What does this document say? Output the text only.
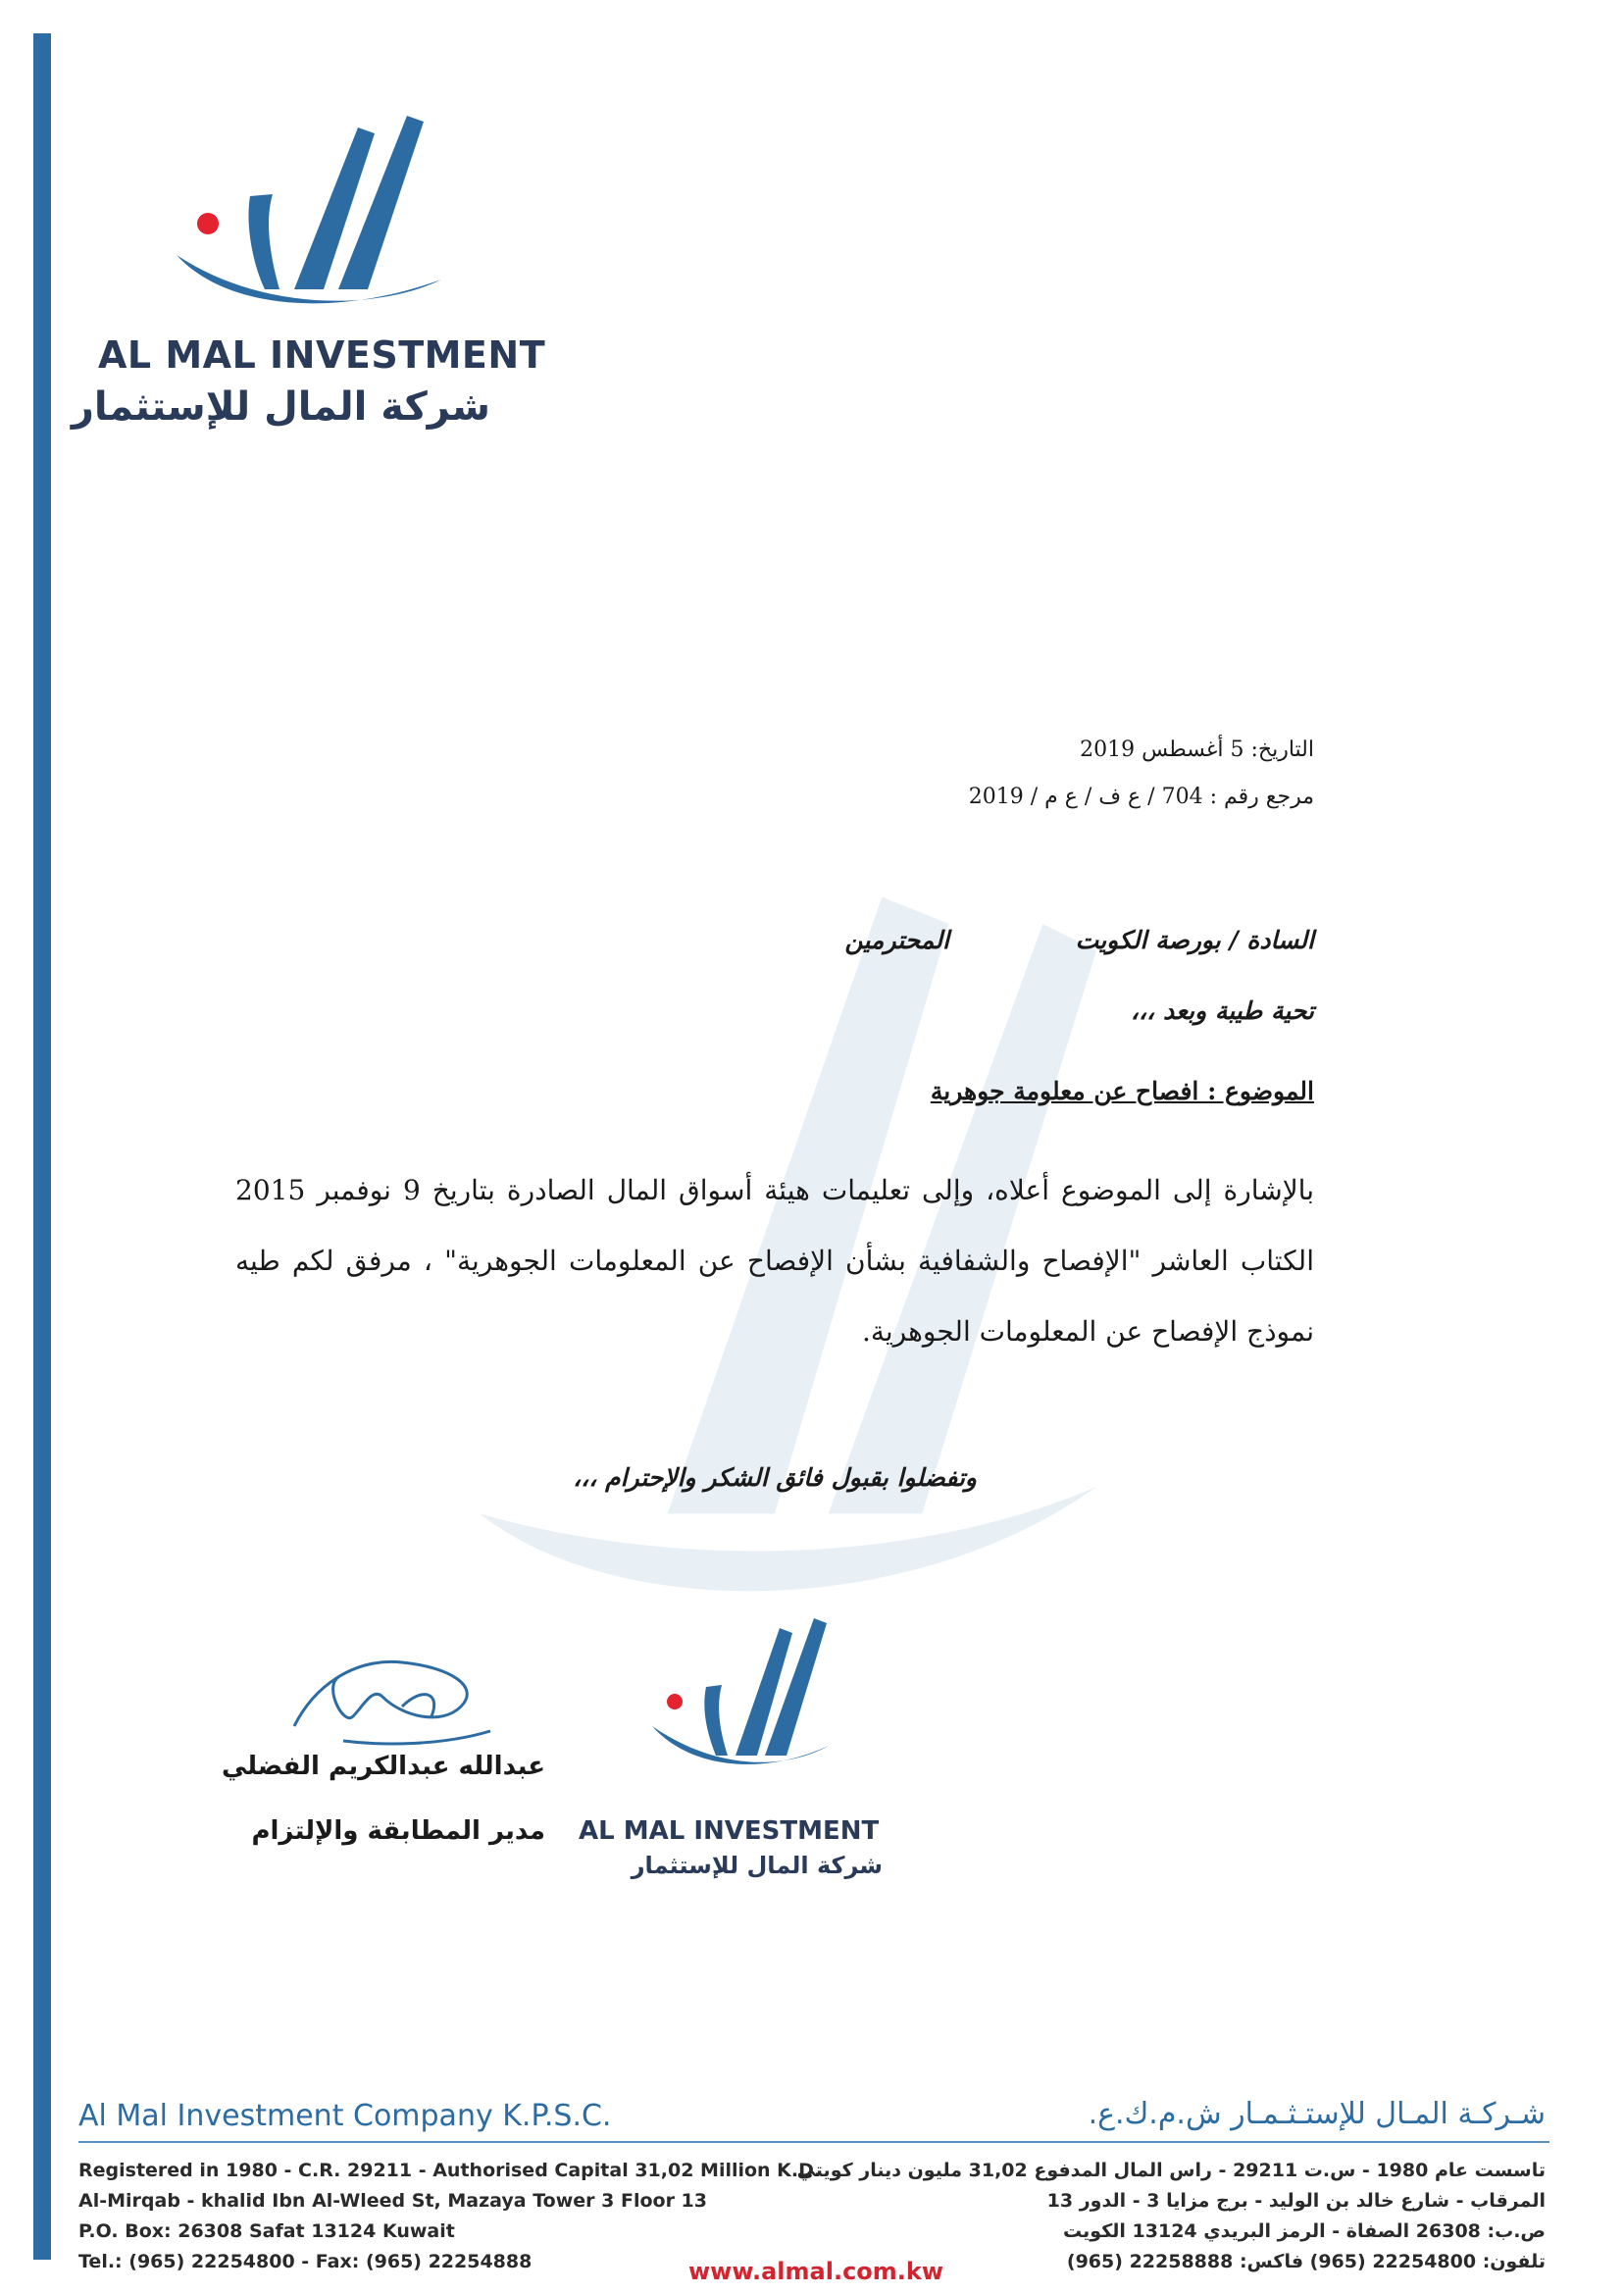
AL MAL INVESTMENT
شركة المال للإستثمار
التاريخ: 5 أغسطس 2019
مرجع رقم : 704 / ع ف / ع م / 2019
السادة / بورصة الكويت المحترمين
تحية طيبة وبعد ،،،
الموضوع : افصاح عن معلومة جوهرية
بالإشارة إلى الموضوع أعلاه، وإلى تعليمات هيئة أسواق المال الصادرة بتاريخ 9 نوفمبر 2015 الكتاب العاشر "الإفصاح والشفافية بشأن الإفصاح عن المعلومات الجوهرية" ، مرفق لكم طيه نموذج الإفصاح عن المعلومات الجوهرية.
وتفضلوا بقبول فائق الشكر والإحترام ،،،
AL MAL INVESTMENT
شركة المال للإستثمار
عبدالله عبدالكريم الفضلي
مدير المطابقة والإلتزام
Al Mal Investment Company K.P.S.C.	شـركـة المـال للإستـثـمـار ش.م.ك.ع.
Registered in 1980 - C.R. 29211 - Authorised Capital 31,02 Million K.D.
Al-Mirqab - khalid Ibn Al-Wleed St, Mazaya Tower 3 Floor 13
P.O. Box: 26308 Safat 13124 Kuwait
Tel.: (965) 22254800 - Fax: (965) 22254888
تاسست عام 1980 - س.ت 29211 - راس المال المدفوع 31,02 مليون دينار كويتي
المرقاب - شارع خالد بن الوليد - برج مزايا 3 - الدور 13
ص.ب: 26308 الصفاة - الرمز البريدي 13124 الكويت
تلفون: 22254800 (965) فاكس: 22258888 (965)
www.almal.com.kw
